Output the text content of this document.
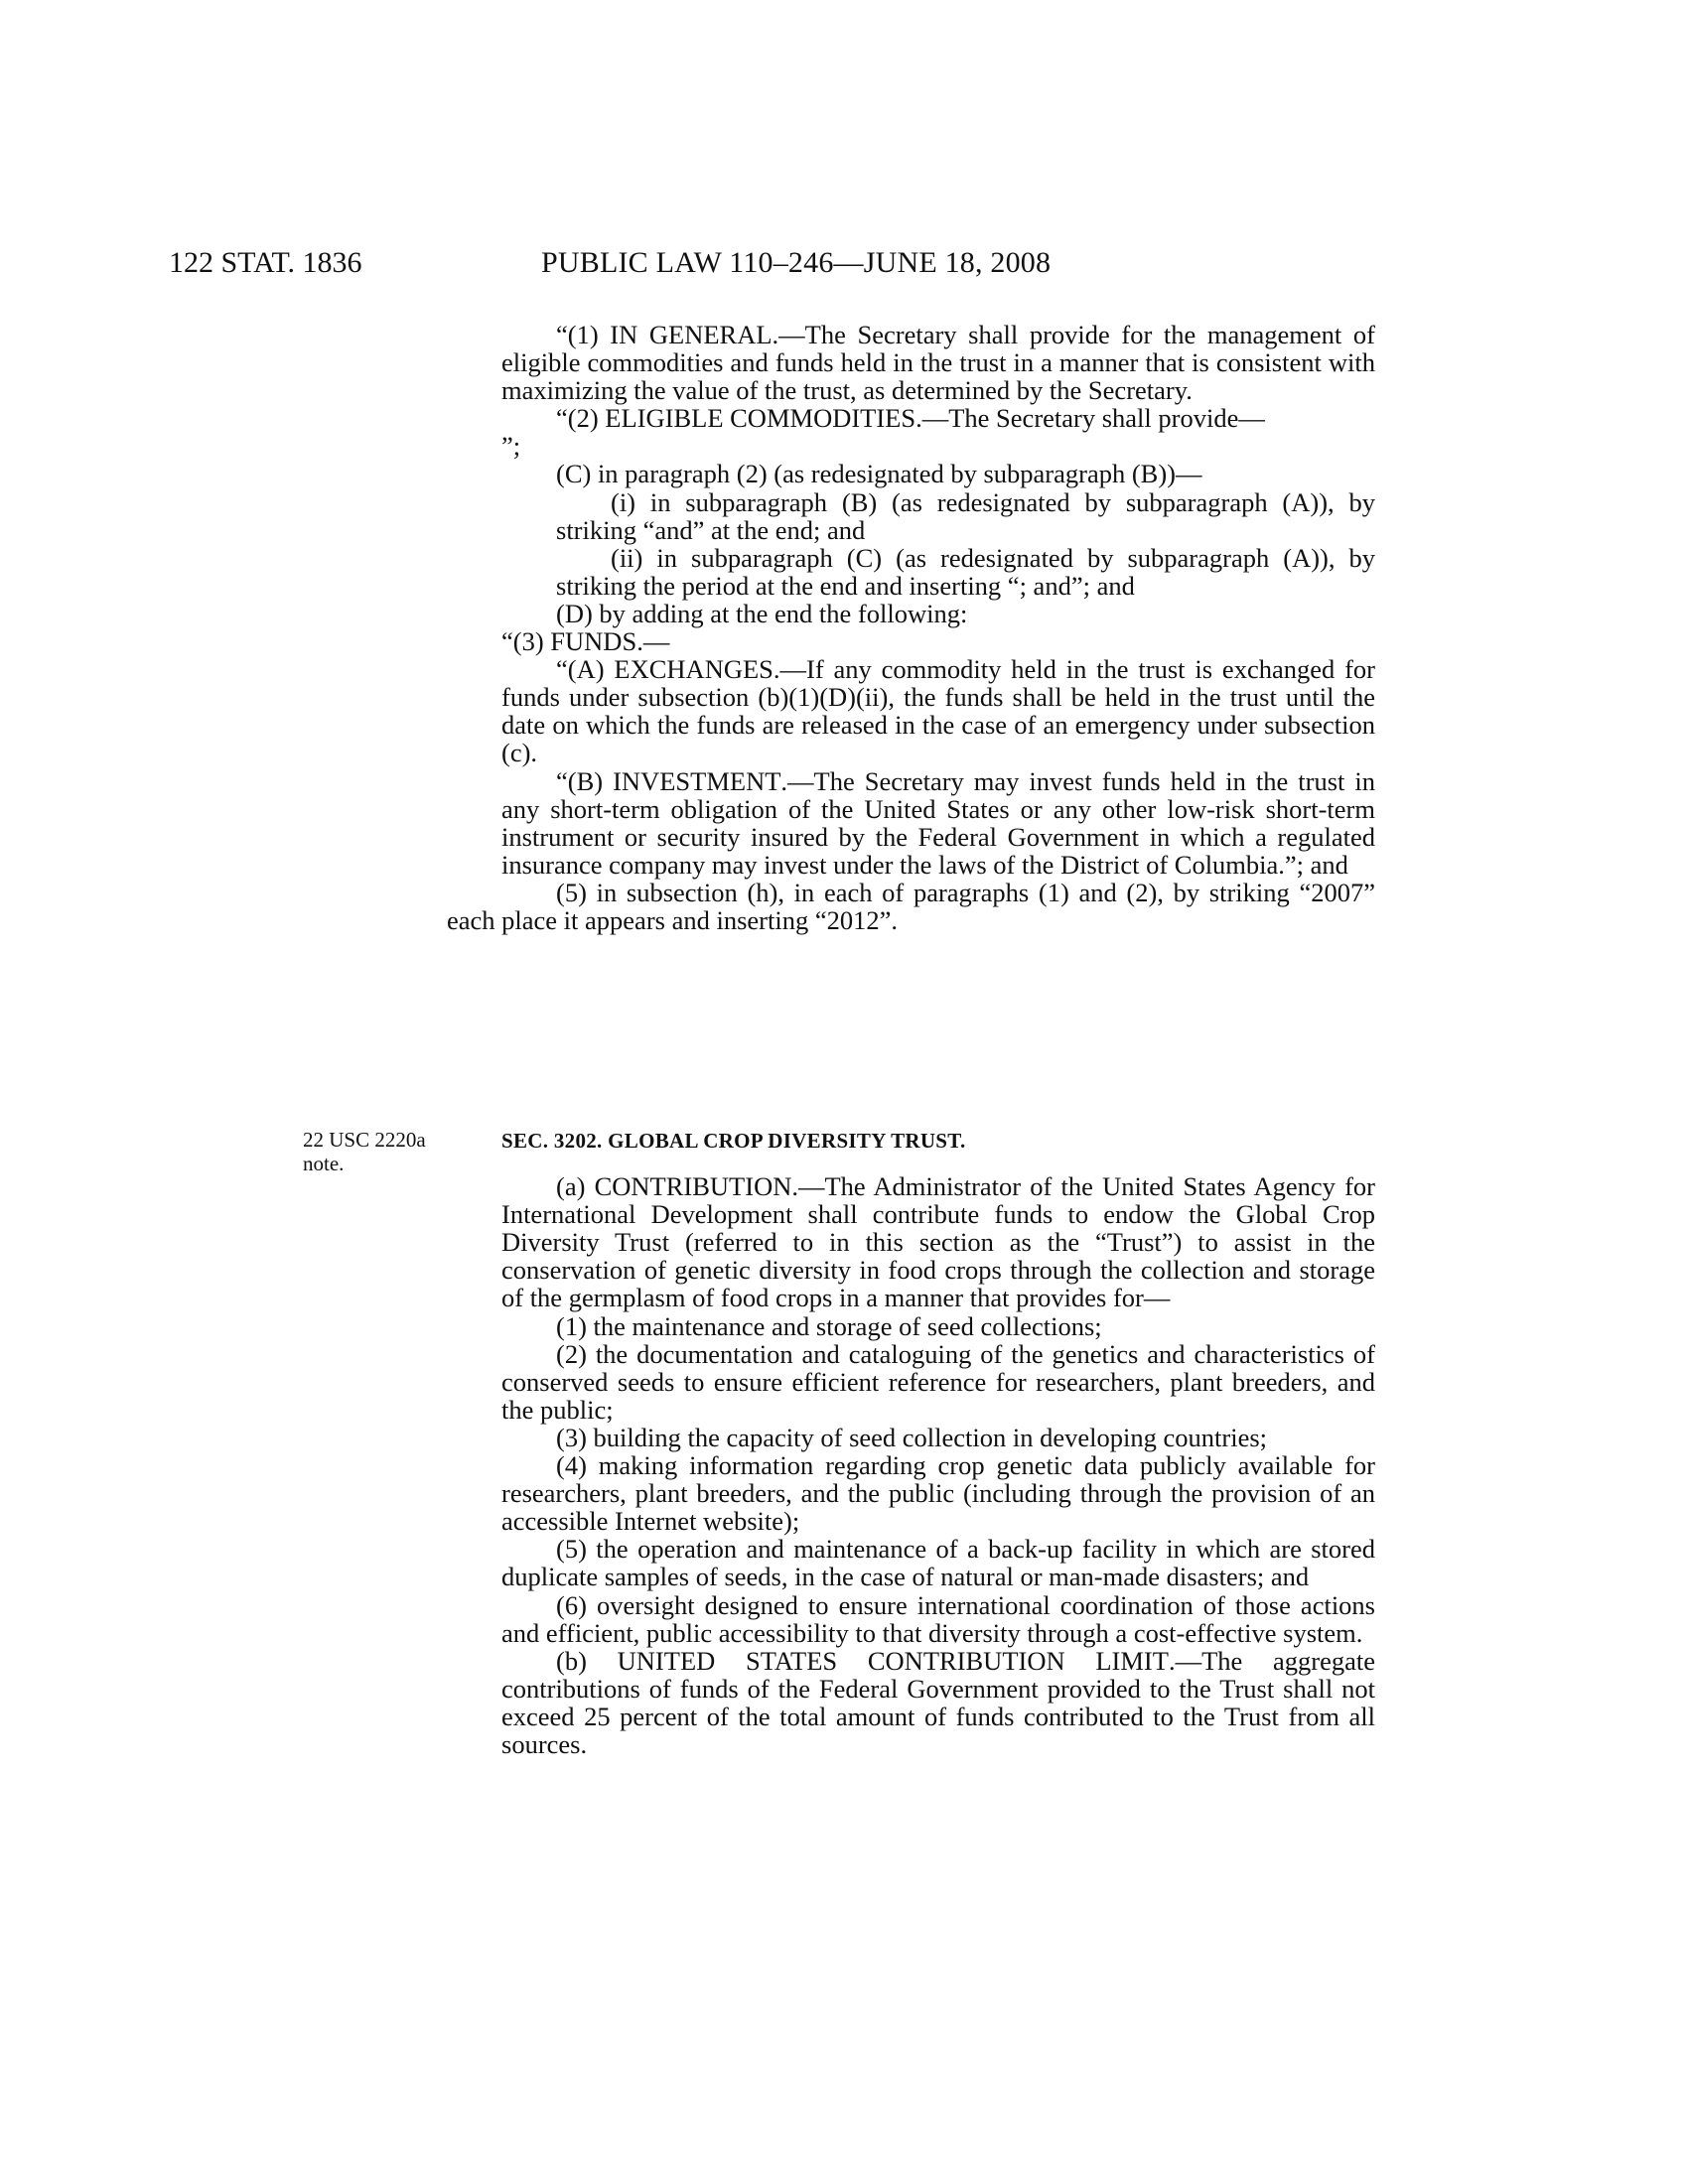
122 STAT. 1836	PUBLIC LAW 110–246—JUNE 18, 2008
22 USC 2220a
note.

“(1) IN GENERAL.—The Secretary shall provide for the management of eligible commodities and funds held in the trust in a manner that is consistent with maximizing the value of the trust, as determined by the Secretary.

“(2) ELIGIBLE COMMODITIES.—The Secretary shall provide—

”;

(C) in paragraph (2) (as redesignated by subparagraph (B))—

(i) in subparagraph (B) (as redesignated by subparagraph (A)), by striking “and” at the end; and

(ii) in subparagraph (C) (as redesignated by subparagraph (A)), by striking the period at the end and inserting “; and”; and

(D) by adding at the end the following:

“(3) FUNDS.—

“(A) EXCHANGES.—If any commodity held in the trust is exchanged for funds under subsection (b)(1)(D)(ii), the funds shall be held in the trust until the date on which the funds are released in the case of an emergency under subsection (c).

“(B) INVESTMENT.—The Secretary may invest funds held in the trust in any short-term obligation of the United States or any other low-risk short-term instrument or security insured by the Federal Government in which a regulated insurance company may invest under the laws of the District of Columbia.”; and

(5) in subsection (h), in each of paragraphs (1) and (2), by striking “2007” each place it appears and inserting “2012”.

SEC. 3202. GLOBAL CROP DIVERSITY TRUST.

(a) CONTRIBUTION.—The Administrator of the United States Agency for International Development shall contribute funds to endow the Global Crop Diversity Trust (referred to in this section as the “Trust”) to assist in the conservation of genetic diversity in food crops through the collection and storage of the germplasm of food crops in a manner that provides for—

(1) the maintenance and storage of seed collections;

(2) the documentation and cataloguing of the genetics and characteristics of conserved seeds to ensure efficient reference for researchers, plant breeders, and the public;

(3) building the capacity of seed collection in developing countries;

(4) making information regarding crop genetic data publicly available for researchers, plant breeders, and the public (including through the provision of an accessible Internet website);

(5) the operation and maintenance of a back-up facility in which are stored duplicate samples of seeds, in the case of natural or man-made disasters; and

(6) oversight designed to ensure international coordination of those actions and efficient, public accessibility to that diversity through a cost-effective system.

(b) UNITED STATES CONTRIBUTION LIMIT.—The aggregate contributions of funds of the Federal Government provided to the Trust shall not exceed 25 percent of the total amount of funds contributed to the Trust from all sources.
